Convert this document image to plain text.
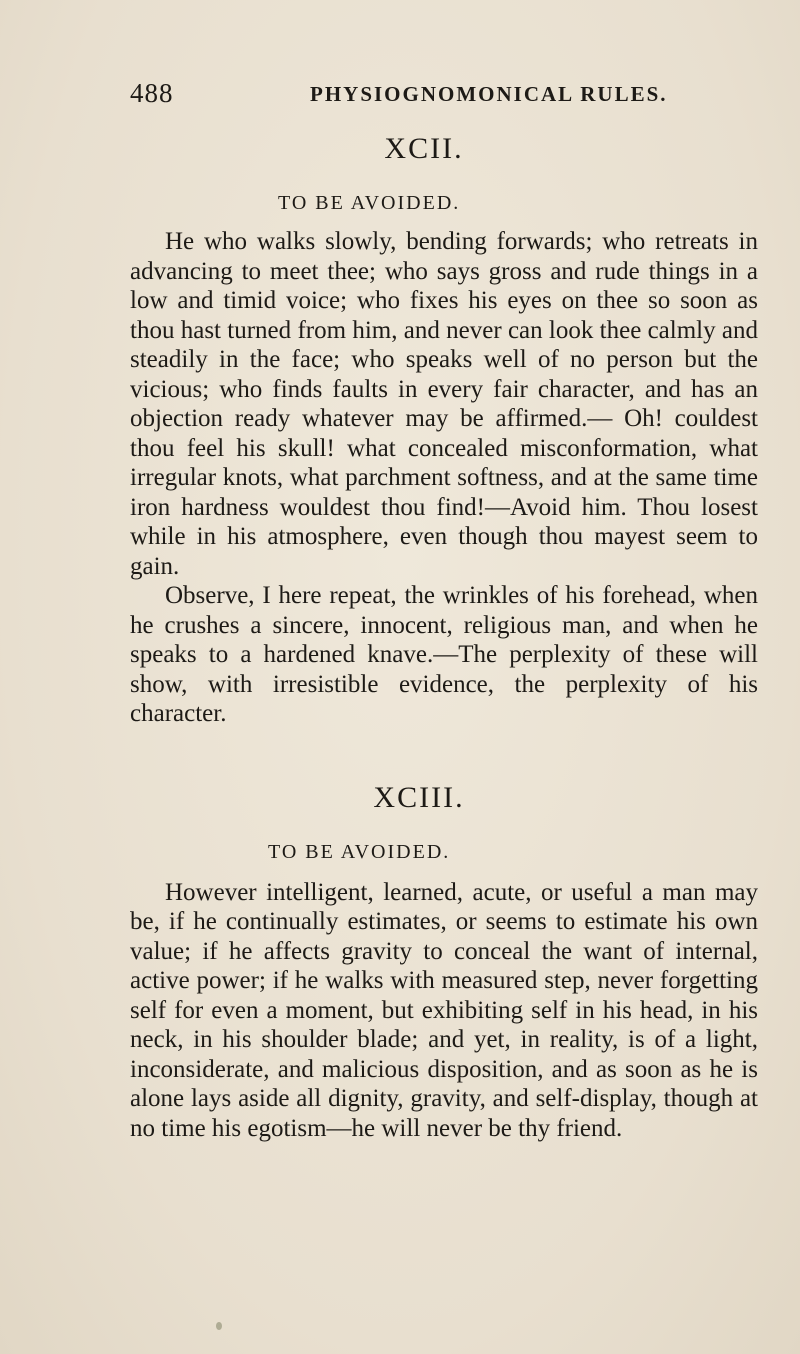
488	PHYSIOGNOMONICAL RULES.
XCII.
TO BE AVOIDED.

He who walks slowly, bending forwards; who retreats in advancing to meet thee; who says gross and rude things in a low and timid voice; who fixes his eyes on thee so soon as thou hast turned from him, and never can look thee calmly and steadily in the face; who speaks well of no person but the vicious; who finds faults in every fair character, and has an objection ready whatever may be affirmed.— Oh! couldest thou feel his skull! what concealed misconformation, what irregular knots, what parchment softness, and at the same time iron hardness wouldest thou find!—Avoid him. Thou losest while in his atmosphere, even though thou mayest seem to gain.

Observe, I here repeat, the wrinkles of his forehead, when he crushes a sincere, innocent, religious man, and when he speaks to a hardened knave.—The perplexity of these will show, with irresistible evidence, the perplexity of his character.

XCIII.
TO BE AVOIDED.

However intelligent, learned, acute, or useful a man may be, if he continually estimates, or seems to estimate his own value; if he affects gravity to conceal the want of internal, active power; if he walks with measured step, never forgetting self for even a moment, but exhibiting self in his head, in his neck, in his shoulder blade; and yet, in reality, is of a light, inconsiderate, and malicious disposition, and as soon as he is alone lays aside all dignity, gravity, and self-display, though at no time his egotism—he will never be thy friend.
